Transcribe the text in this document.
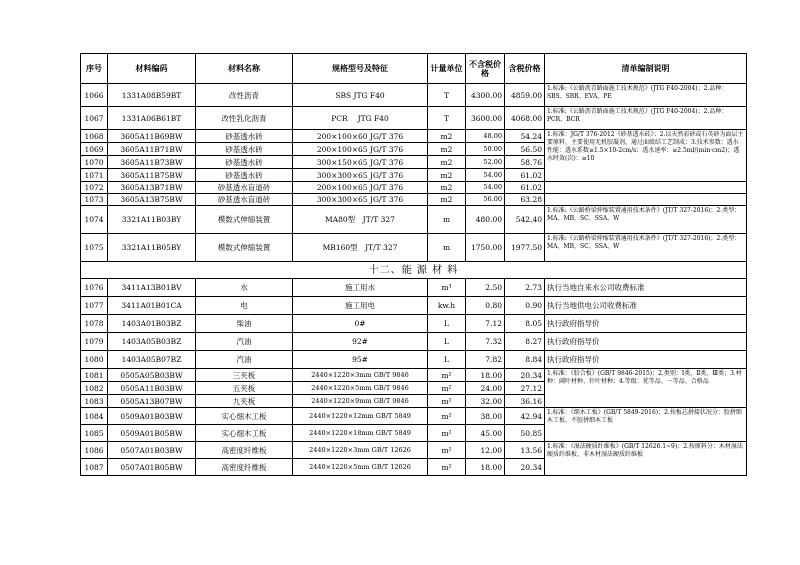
序号	材料编码	材料名称	规格型号及特征	计量单位	不含税价 格	含税价格	清单编制说明
1066	1331A08B59BT	改性沥青	SBS JTG F40	T	4300.00	4859.00	1.标准:《公路沥青路面施工技术规范》(JTG F40-2004)；2.品种：SBS、SBR、EVA、PE
1067	1331A06B61BT	改性乳化沥青	PCR　 JTG F40	T	3600.00	4068.00	1.标准:《公路沥青路面施工技术规范》(JTG F40-2004)；2.品种：PCR、BCR
1068	3605A11B69BW	砂基透水砖	200×100×60 JG/T 376	m2	48.00	54.24	1.标准：JG/T 376-2012《砂基透水砖》；2.以天然彩砂或石英砂为面层主要原料，主要使用无机胶凝剂，通过面级结工艺制成；3.技术参数：透水性能：透水系数≥1.5×10-2cm/s；透水速率：≥2.5ml/(min·cm2)；透水时效(次)：≥10
1069	3605A11B71BW	砂基透水砖	200×100×65 JG/T 376	m2	50.00	56.50	
1070	3605A11B73BW	砂基透水砖	300×150×65 JG/T 376	m2	52.00	58.76	
1071	3605A11B75BW	砂基透水砖	300×300×65 JG/T 376	m2	54.00	61.02	
1072	3605A13B71BW	砂基透水盲道砖	200×100×65 JG/T 376	m2	54.00	61.02	
1073	3605A13B75BW	砂基透水盲道砖	300×300×65 JG/T 376	m2	56.00	63.28	
1074	3321A11B03BY	模数式伸缩装置	MA80型　JT/T 327	m	480.00	542.40	1.标准:《公路桥梁伸缩装置通用技术条件》(JT/T 327-2016)；2.类型：MA、MB、SC、SSA、W
1075	3321A11B05BY	模数式伸缩装置	MB160型　JT/T 327	m	1750.00	1977.50	1.标准:《公路桥梁伸缩装置通用技术条件》(JT/T 327-2016)；2.类型：MA、MB、SC、SSA、W
十二、能 源 材 料							
1076	3411A13B01BV	水	施工用水	m³	2.50	2.73	执行当地自来水公司收费标准
1077	3411A01B01CA	电	施工用电	kw.h	0.80	0.90	执行当地供电公司收费标准
1078	1403A01B03BZ	柴油	0#	L	7.12	8.05	执行政府指导价
1079	1403A05B03BZ	汽油	92#	L	7.32	8.27	执行政府指导价
1080	1403A05B07BZ	汽油	95#	L	7.82	8.84	执行政府指导价
1081	0505A05B03BW	三夹板	2440×1220×3mm GB/T 9846	m²	18.00	20.34	1.标准：《胶合板》(GB/T 9846-2015)；2.类别：Ⅰ类、Ⅱ类、Ⅲ类；3.材种：阔叶材种、针叶材种；4.等级：优等品、一等品、合格品
1082	0505A11B03BW	五夹板	2440×1220×5mm GB/T 9846	m²	24.00	27.12	
1083	0505A13B07BW	九夹板	2440×1220×9mm GB/T 9846	m²	32.00	36.16	
1084	0509A01B03BW	实心细木工板	2440×1220×12mm GB/T 5849	m²	38.00	42.94	1.标准：《细木工板》(GB/T 5849-2016)；2.按板芯拼接状况分：胶拼细木工板、不胶拼细木工板
1085	0509A01B05BW	实心细木工板	2440×1220×18mm GB/T 5849	m²	45.00	50.85	
1086	0507A01B03BW	高密度纤维板	2440×1220×3mm GB/T 12626	m²	12.00	13.56	1.标准：《湿法硬质纤维板》(GB/T 12626.1~9)；2.按原料分：木材湿法硬质纤维板、非木材湿法硬质纤维板
1087	0507A01B05BW	高密度纤维板	2440×1220×5mm GB/T 12626	m²	18.00	20.34	
